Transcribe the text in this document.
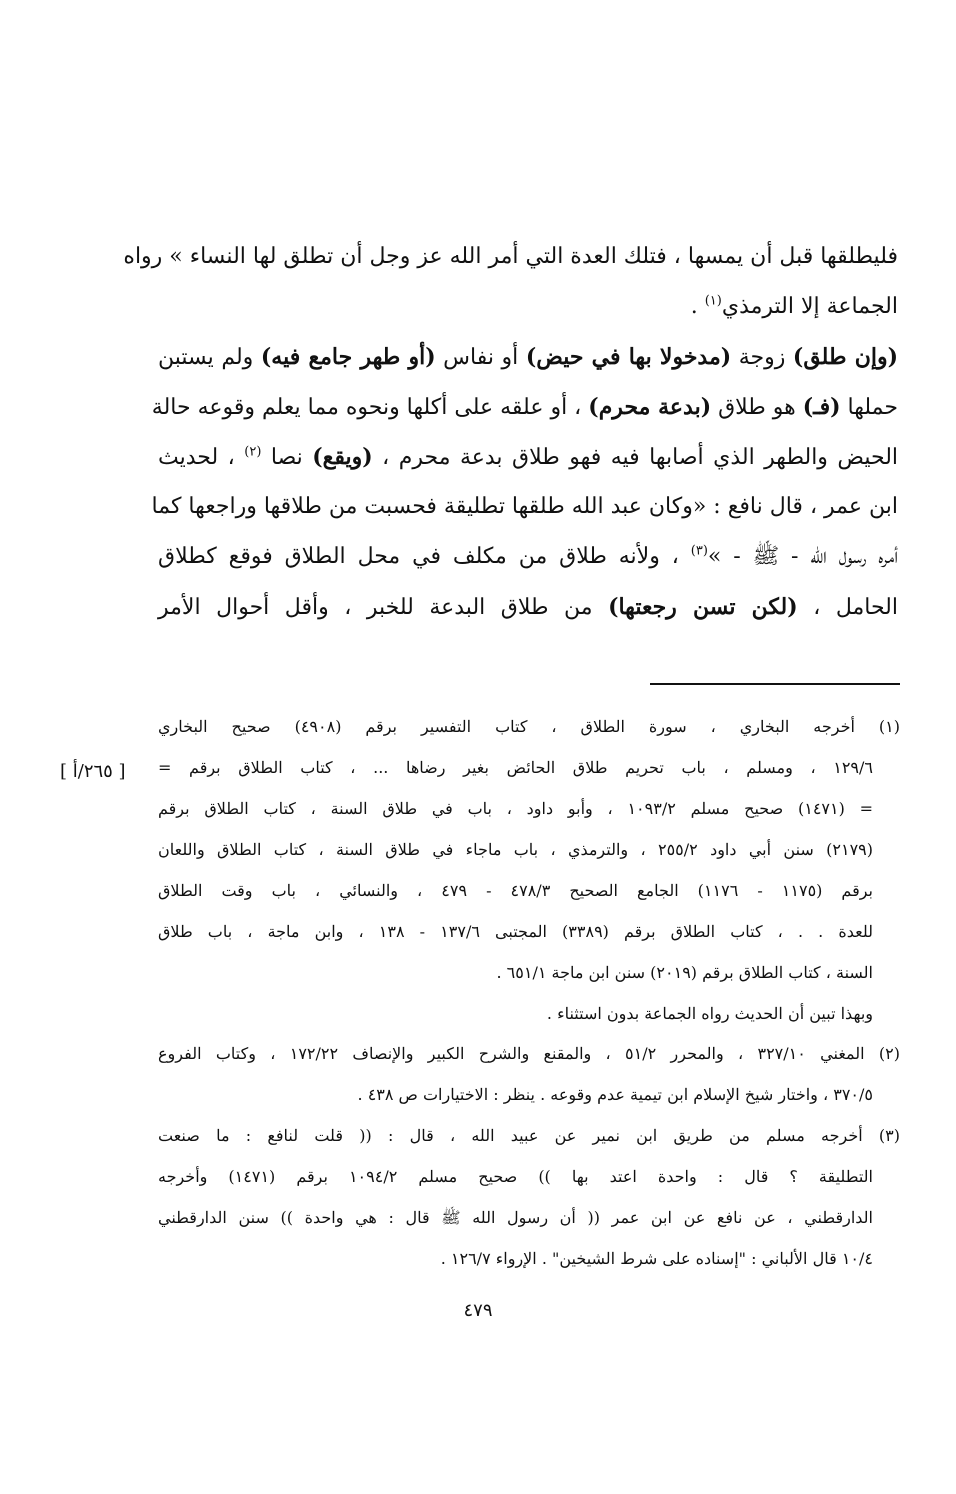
فليطلقها قبل أن يمسها ، فتلك العدة التي أمر الله عز وجل أن تطلق لها النساء » رواه
الجماعة إلا الترمذي$^{(١)}$ .
(وإن طلق) زوجة (مدخولا بها في حيض) أو نفاس (أو طهر جامع فيه) ولم يستبن
حملها (فـ) هو طلاق (بدعة محرم) ، أو علقه على أكلها ونحوه مما يعلم وقوعه حالة
الحيض والطهر الذي أصابها فيه فهو طلاق بدعة محرم ، (ويقع) نصا $^{(٢)}$ ، لحديث
ابن عمر ، قال نافع : «وكان عبد الله طلقها تطليقة فحسبت من طلاقها وراجعها كما
أمره رسول الله - ﷺ - »$^{(٣)}$ ، ولأنه طلاق من مكلف في محل الطلاق فوقع كطلاق
الحامل ، (لكن تسن رجعتها) من طلاق البدعة للخبر ، وأقل أحوال الأمر
[ ٢٦٥/أ ]
(١) أخرجه البخاري ، سورة الطلاق ، كتاب التفسير برقم (٤٩٠٨) صحيح البخاري
١٢٩/٦ ، ومسلم ، باب تحريم طلاق الحائض بغير رضاها ... ، كتاب الطلاق برقم =
= (١٤٧١) صحيح مسلم ١٠٩٣/٢ ، وأبو داود ، باب في طلاق السنة ، كتاب الطلاق برقم
(٢١٧٩) سنن أبي داود ٢٥٥/٢ ، والترمذي ، باب ماجاء في طلاق السنة ، كتاب الطلاق واللعان
برقم (١١٧٥ - ١١٧٦) الجامع الصحيح ٤٧٨/٣ - ٤٧٩ ، والنسائي ، باب وقت الطلاق
للعدة . . ، كتاب الطلاق برقم (٣٣٨٩) المجتبى ١٣٧/٦ - ١٣٨ ، وابن ماجة ، باب طلاق
السنة ، كتاب الطلاق برقم (٢٠١٩) سنن ابن ماجة ٦٥١/١ .
وبهذا تبين أن الحديث رواه الجماعة بدون استثناء .
(٢) المغني ٣٢٧/١٠ ، والمحرر ٥١/٢ ، والمقنع والشرح الكبير والإنصاف ١٧٢/٢٢ ، وكتاب الفروع
٣٧٠/٥ ، واختار شيخ الإسلام ابن تيمية عدم وقوعه . ينظر : الاختيارات ص ٤٣٨ .
(٣) أخرجه مسلم من طريق ابن نمير عن عبيد الله ، قال : (( قلت لنافع : ما صنعت
التطليقة ؟ قال : واحدة اعتد بها )) صحيح مسلم ١٠٩٤/٢ برقم (١٤٧١) وأخرجه
الدارقطني ، عن نافع عن ابن عمر (( أن رسول الله ﷺ قال : هي واحدة )) سنن الدارقطني
١٠/٤ قال الألباني : "إسناده على شرط الشيخين" . الإرواء ١٢٦/٧ .
٤٧٩
